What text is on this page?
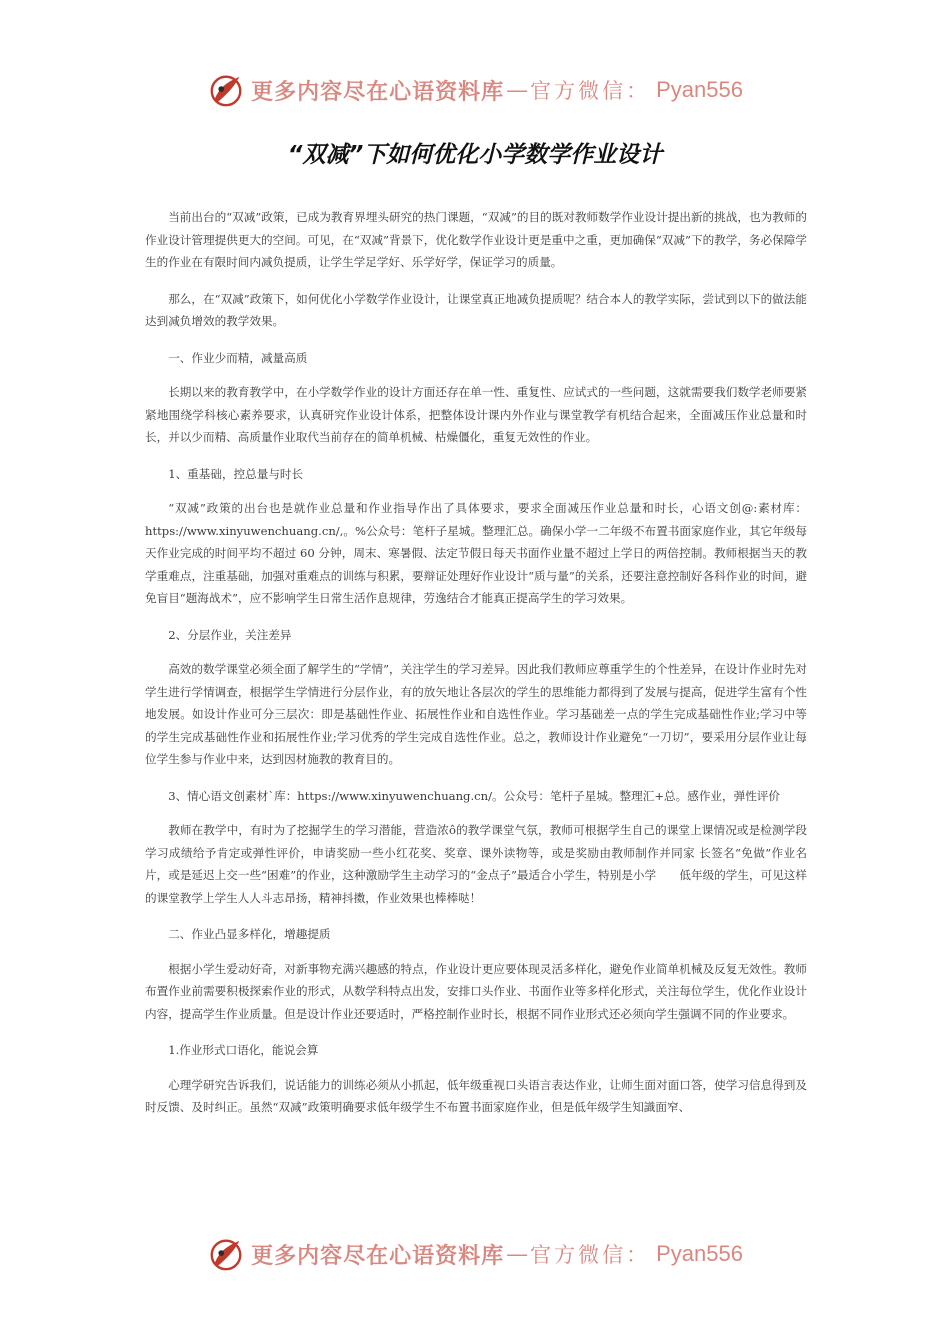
更多内容尽在心语资料库 — 官方微信： Pyan556
“双减”下如何优化小学数学作业设计

当前出台的“双减”政策，已成为教育界埋头研究的热门课题，“双减”的目的既对教师数学作业设计提出新的挑战，也为教师的作业设计管理提供更大的空间。可见，在“双减”背景下，优化数学作业设计更是重中之重，更加确保“双减”下的教学，务必保障学生的作业在有限时间内减负提质，让学生学足学好、乐学好学，保证学习的质量。

那么，在“双减”政策下，如何优化小学数学作业设计，让课堂真正地减负提质呢？结合本人的教学实际，尝试到以下的做法能达到减负增效的教学效果。

一、作业少而精，减量高质

长期以来的教育教学中，在小学数学作业的设计方面还存在单一性、重复性、应试式的一些问题，这就需要我们数学老师要紧紧地围绕学科核心素养要求，认真研究作业设计体系，把整体设计课内外作业与课堂教学有机结合起来，全面减压作业总量和时长，并以少而精、高质量作业取代当前存在的简单机械、枯燥僵化，重复无效性的作业。

1、重基础，控总量与时长

“双减”政策的出台也是就作业总量和作业指导作出了具体要求，要求全面减压作业总量和时长，心语文创@:素材库：https://www.xinyuwenchuang.cn/,。%公众号：笔杆子星城。整理汇总。确保小学一二年级不布置书面家庭作业，其它年级每天作业完成的时间平均不超过 60 分钟，周末、寒暑假、法定节假日每天书面作业量不超过上学日的两倍控制。教师根据当天的教学重难点，注重基础，加强对重难点的训练与积累，要辩证处理好作业设计“质与量”的关系，还要注意控制好各科作业的时间，避免盲目“题海战术”，应不影响学生日常生活作息规律，劳逸结合才能真正提高学生的学习效果。

2、分层作业，关注差异

高效的数学课堂必须全面了解学生的“学情”，关注学生的学习差异。因此我们教师应尊重学生的个性差异，在设计作业时先对学生进行学情调查，根据学生学情进行分层作业，有的放矢地让各层次的学生的思维能力都得到了发展与提高，促进学生富有个性地发展。如设计作业可分三层次：即是基础性作业、拓展性作业和自选性作业。学习基础差一点的学生完成基础性作业;学习中等的学生完成基础性作业和拓展性作业;学习优秀的学生完成自选性作业。总之，教师设计作业避免“一刀切”，要采用分层作业让每位学生参与作业中来，达到因材施教的教育目的。

3、情心语文创素材`库：https://www.xinyuwenchuang.cn/。公众号：笔杆子星城。整理汇+总。感作业，弹性评价

教师在教学中，有时为了挖掘学生的学习潜能，营造浓ô的教学课堂气氛，教师可根据学生自己的课堂上课情况或是检测学段学习成绩给予肯定或弹性评价，申请奖励一些小红花奖、奖章、课外读物等，或是奖励由教师制作并同家 长签名“免做”作业名片，或是延迟上交一些“困难”的作业，这种激励学生主动学习的“金点子”最适合小学生，特别是小学　　低年级的学生，可见这样的课堂教学上学生人人斗志昂扬，精神抖擞，作业效果也棒棒哒！

二、作业凸显多样化，增趣提质

根据小学生爱动好奇，对新事物充满兴趣感的特点，作业设计更应要体现灵活多样化，避免作业简单机械及反复无效性。教师布置作业前需要积极探索作业的形式，从数学科特点出发，安排口头作业、书面作业等多样化形式，关注每位学生，优化作业设计内容，提高学生作业质量。但是设计作业还要适时，严格控制作业时长，根据不同作业形式还必须向学生强调不同的作业要求。

1.作业形式口语化，能说会算

心理学研究告诉我们，说话能力的训练必须从小抓起，低年级重视口头语言表达作业，让师生面对面口答，使学习信息得到及时反馈、及时纠正。虽然“双减”政策明确要求低年级学生不布置书面家庭作业，但是低年级学生知識面窄、

更多内容尽在心语资料库 — 官方微信： Pyan556
